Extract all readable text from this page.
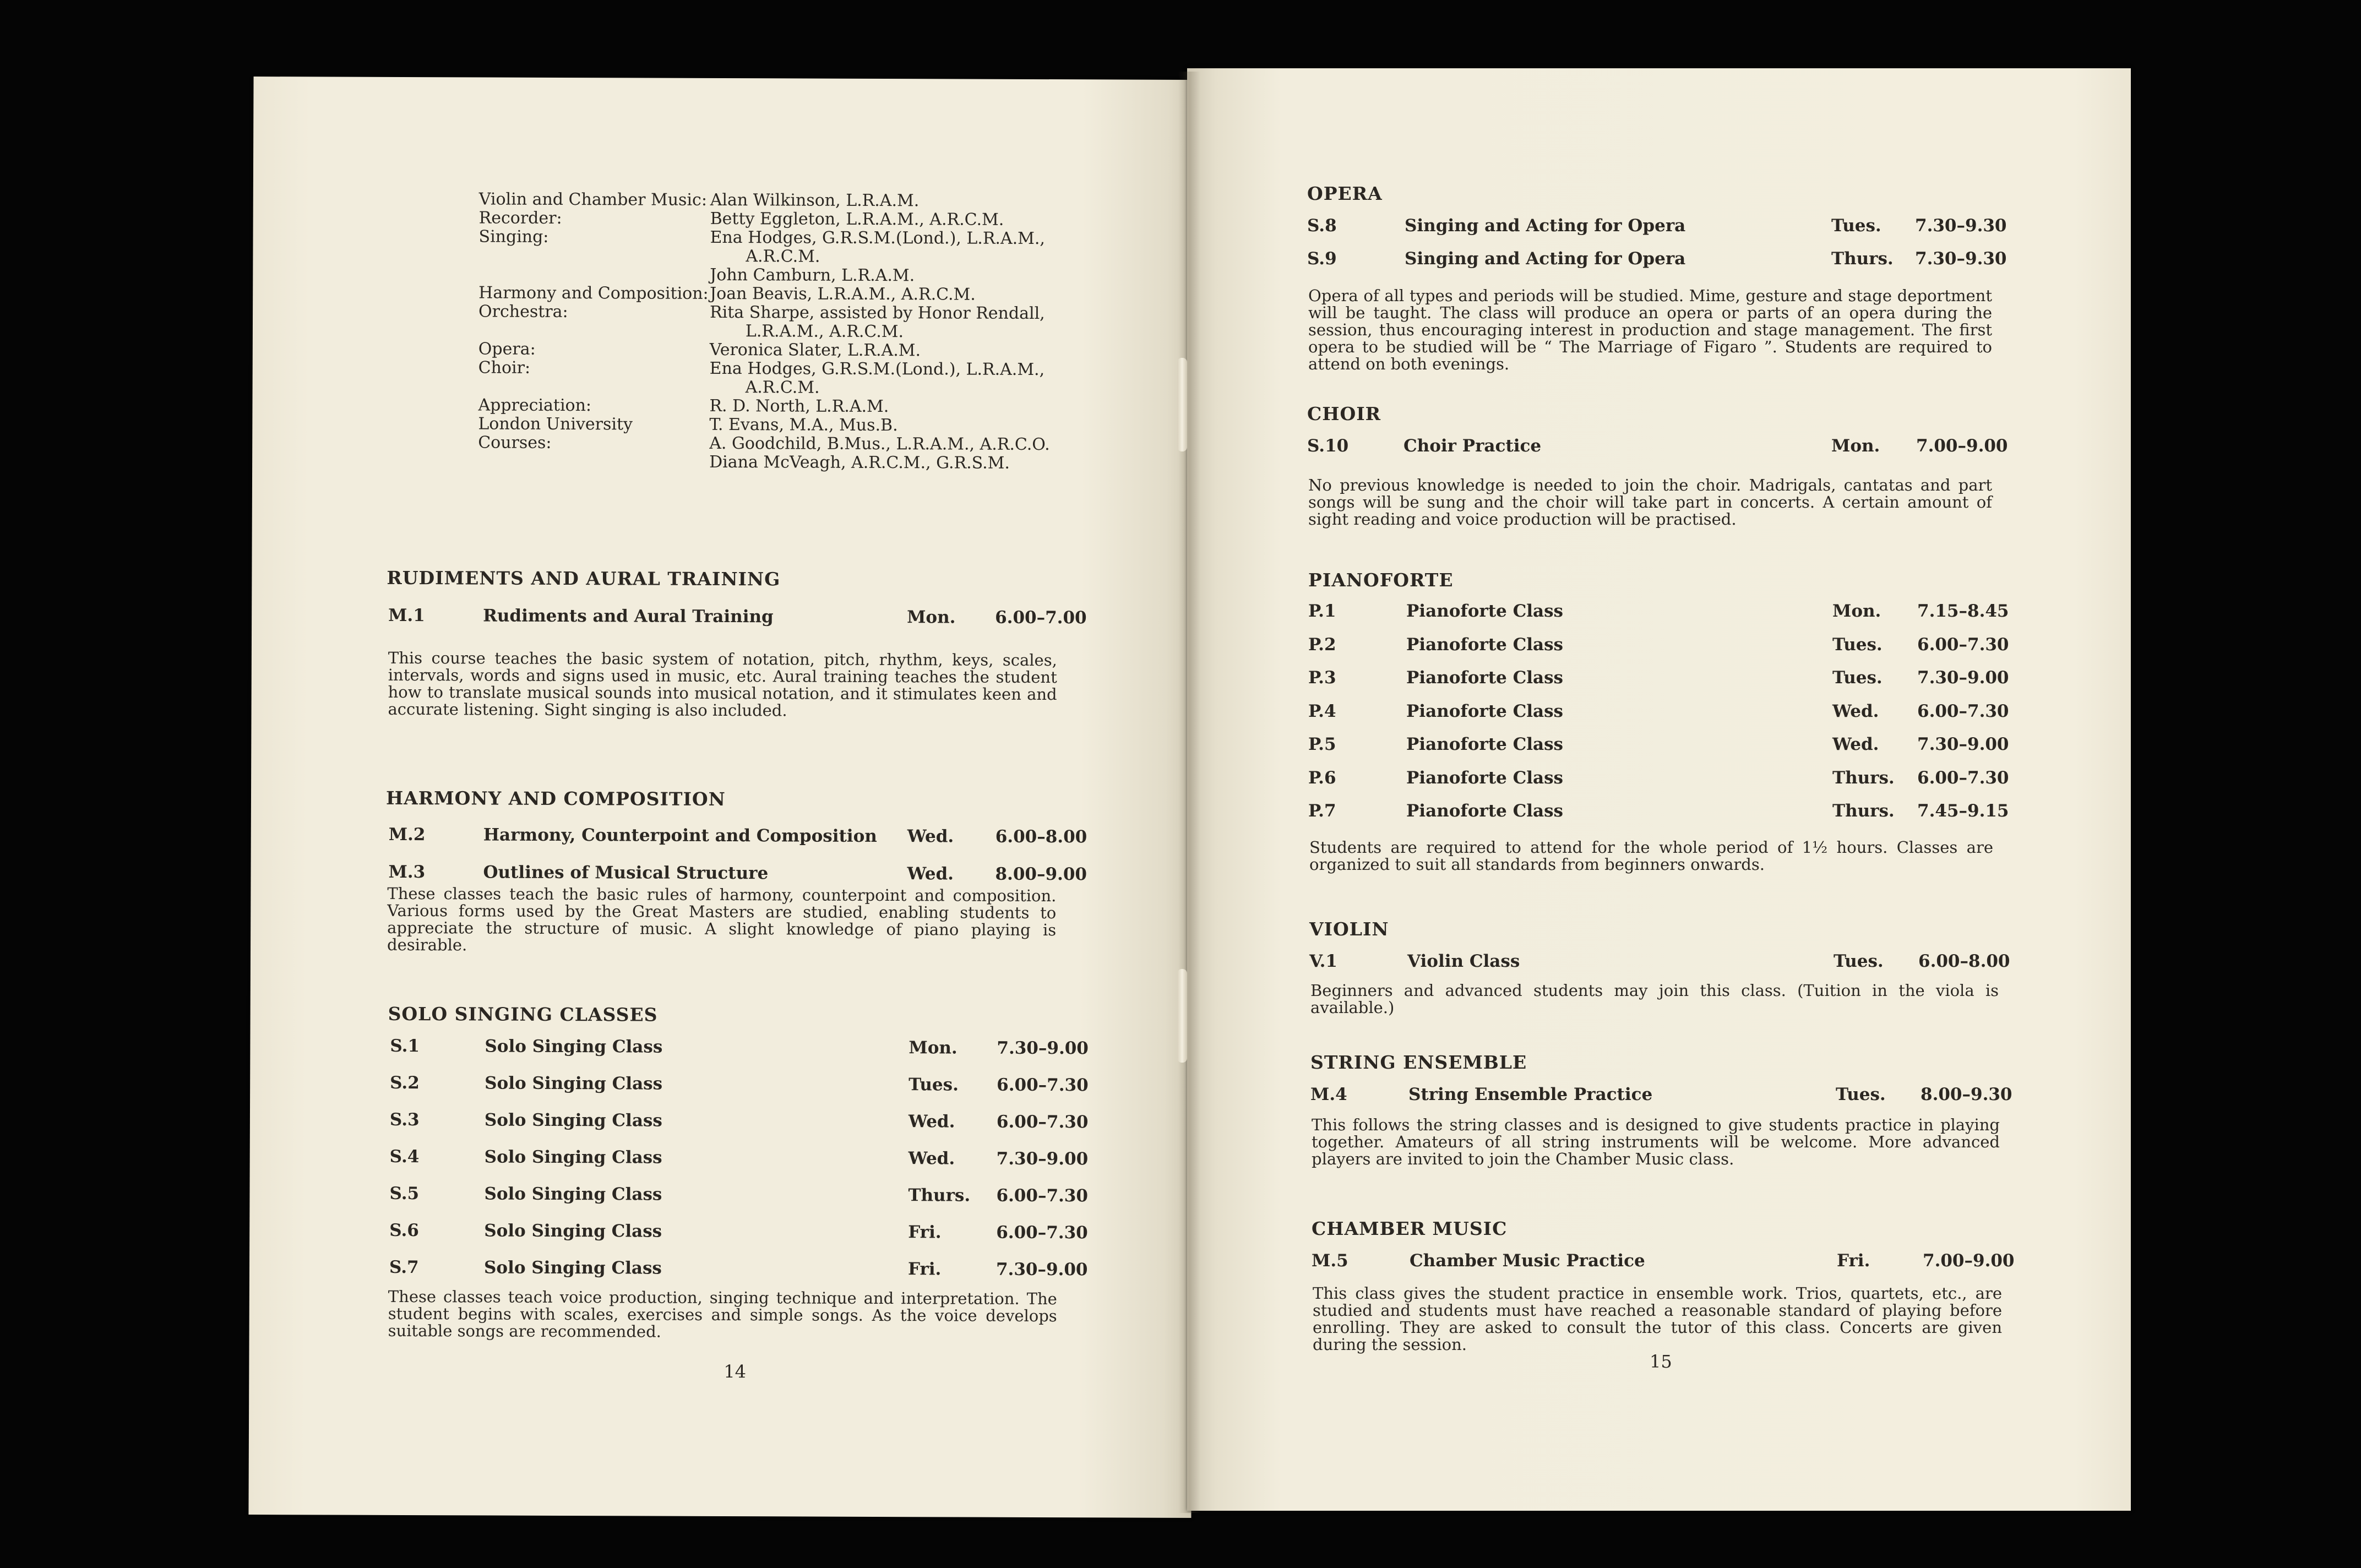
Violin and Chamber Music: Alan Wilkinson, L.R.A.M.
Recorder:	Betty Eggleton, L.R.A.M., A.R.C.M.
Singing:	Ena Hodges, G.R.S.M.(Lond.), L.R.A.M.,
A.R.C.M.
John Camburn, L.R.A.M.
Harmony and Composition: Joan Beavis, L.R.A.M., A.R.C.M.
Orchestra:	Rita Sharpe, assisted by Honor Rendall,
L.R.A.M., A.R.C.M.
Opera:	Veronica Slater, L.R.A.M.
Choir:	Ena Hodges, G.R.S.M.(Lond.), L.R.A.M.,
A.R.C.M.
Appreciation:	R. D. North, L.R.A.M.
London University Courses:
T. Evans, M.A., Mus.B.
A. Goodchild, B.Mus., L.R.A.M., A.R.C.O.
Diana McVeagh, A.R.C.M., G.R.S.M.
RUDIMENTS AND AURAL TRAINING
M.1	Rudiments and Aural Training	Mon. 6.00–7.00
This course teaches the basic system of notation, pitch, rhythm, keys, scales, intervals, words and signs used in music, etc. Aural training teaches the student how to translate musical sounds into musical notation, and it stimulates keen and accurate listening. Sight singing is also included.
HARMONY AND COMPOSITION
M.2	Harmony, Counterpoint and Composition Wed. 6.00–8.00
M.3	Outlines of Musical Structure	Wed. 8.00–9.00
These classes teach the basic rules of harmony, counterpoint and composition. Various forms used by the Great Masters are studied, enabling students to appreciate the structure of music. A slight knowledge of piano playing is desirable.
SOLO SINGING CLASSES
S.1	Solo Singing Class	Mon. 7.30–9.00
S.2	Solo Singing Class	Tues. 6.00–7.30
S.3	Solo Singing Class	Wed. 6.00–7.30
S.4	Solo Singing Class	Wed. 7.30–9.00
S.5	Solo Singing Class	Thurs. 6.00–7.30
S.6	Solo Singing Class	Fri.	6.00–7.30
S.7	Solo Singing Class	Fri.	7.30–9.00
These classes teach voice production, singing technique and interpretation. The student begins with scales, exercises and simple songs. As the voice develops suitable songs are recommended.
14
OPERA
S.8	Singing and Acting for Opera	Tues. 7.30–9.30
S.9	Singing and Acting for Opera	Thurs. 7.30–9.30
Opera of all types and periods will be studied. Mime, gesture and stage deportment will be taught. The class will produce an opera or parts of an opera during the session, thus encouraging interest in production and stage management. The first opera to be studied will be “ The Marriage of Figaro ”. Students are required to attend on both evenings.
CHOIR
S.10	Choir Practice	Mon. 7.00–9.00
No previous knowledge is needed to join the choir. Madrigals, cantatas and part songs will be sung and the choir will take part in concerts. A certain amount of sight reading and voice production will be practised.
PIANOFORTE
P.1	Pianoforte Class	Mon. 7.15–8.45
P.2	Pianoforte Class	Tues. 6.00–7.30
P.3	Pianoforte Class	Tues. 7.30–9.00
P.4	Pianoforte Class	Wed. 6.00–7.30
P.5	Pianoforte Class	Wed. 7.30–9.00
P.6	Pianoforte Class	Thurs. 6.00–7.30
P.7	Pianoforte Class	Thurs. 7.45–9.15
Students are required to attend for the whole period of 1½ hours. Classes are organized to suit all standards from beginners onwards.
VIOLIN
V.1	Violin Class	Tues. 6.00–8.00
Beginners and advanced students may join this class. (Tuition in the viola is available.)
STRING ENSEMBLE
M.4	String Ensemble Practice	Tues. 8.00–9.30
This follows the string classes and is designed to give students practice in playing together. Amateurs of all string instruments will be welcome. More advanced players are invited to join the Chamber Music class.
CHAMBER MUSIC
M.5	Chamber Music Practice	Fri.	7.00–9.00
This class gives the student practice in ensemble work. Trios, quartets, etc., are studied and students must have reached a reasonable standard of playing before enrolling. They are asked to consult the tutor of this class. Concerts are given during the session.
15
